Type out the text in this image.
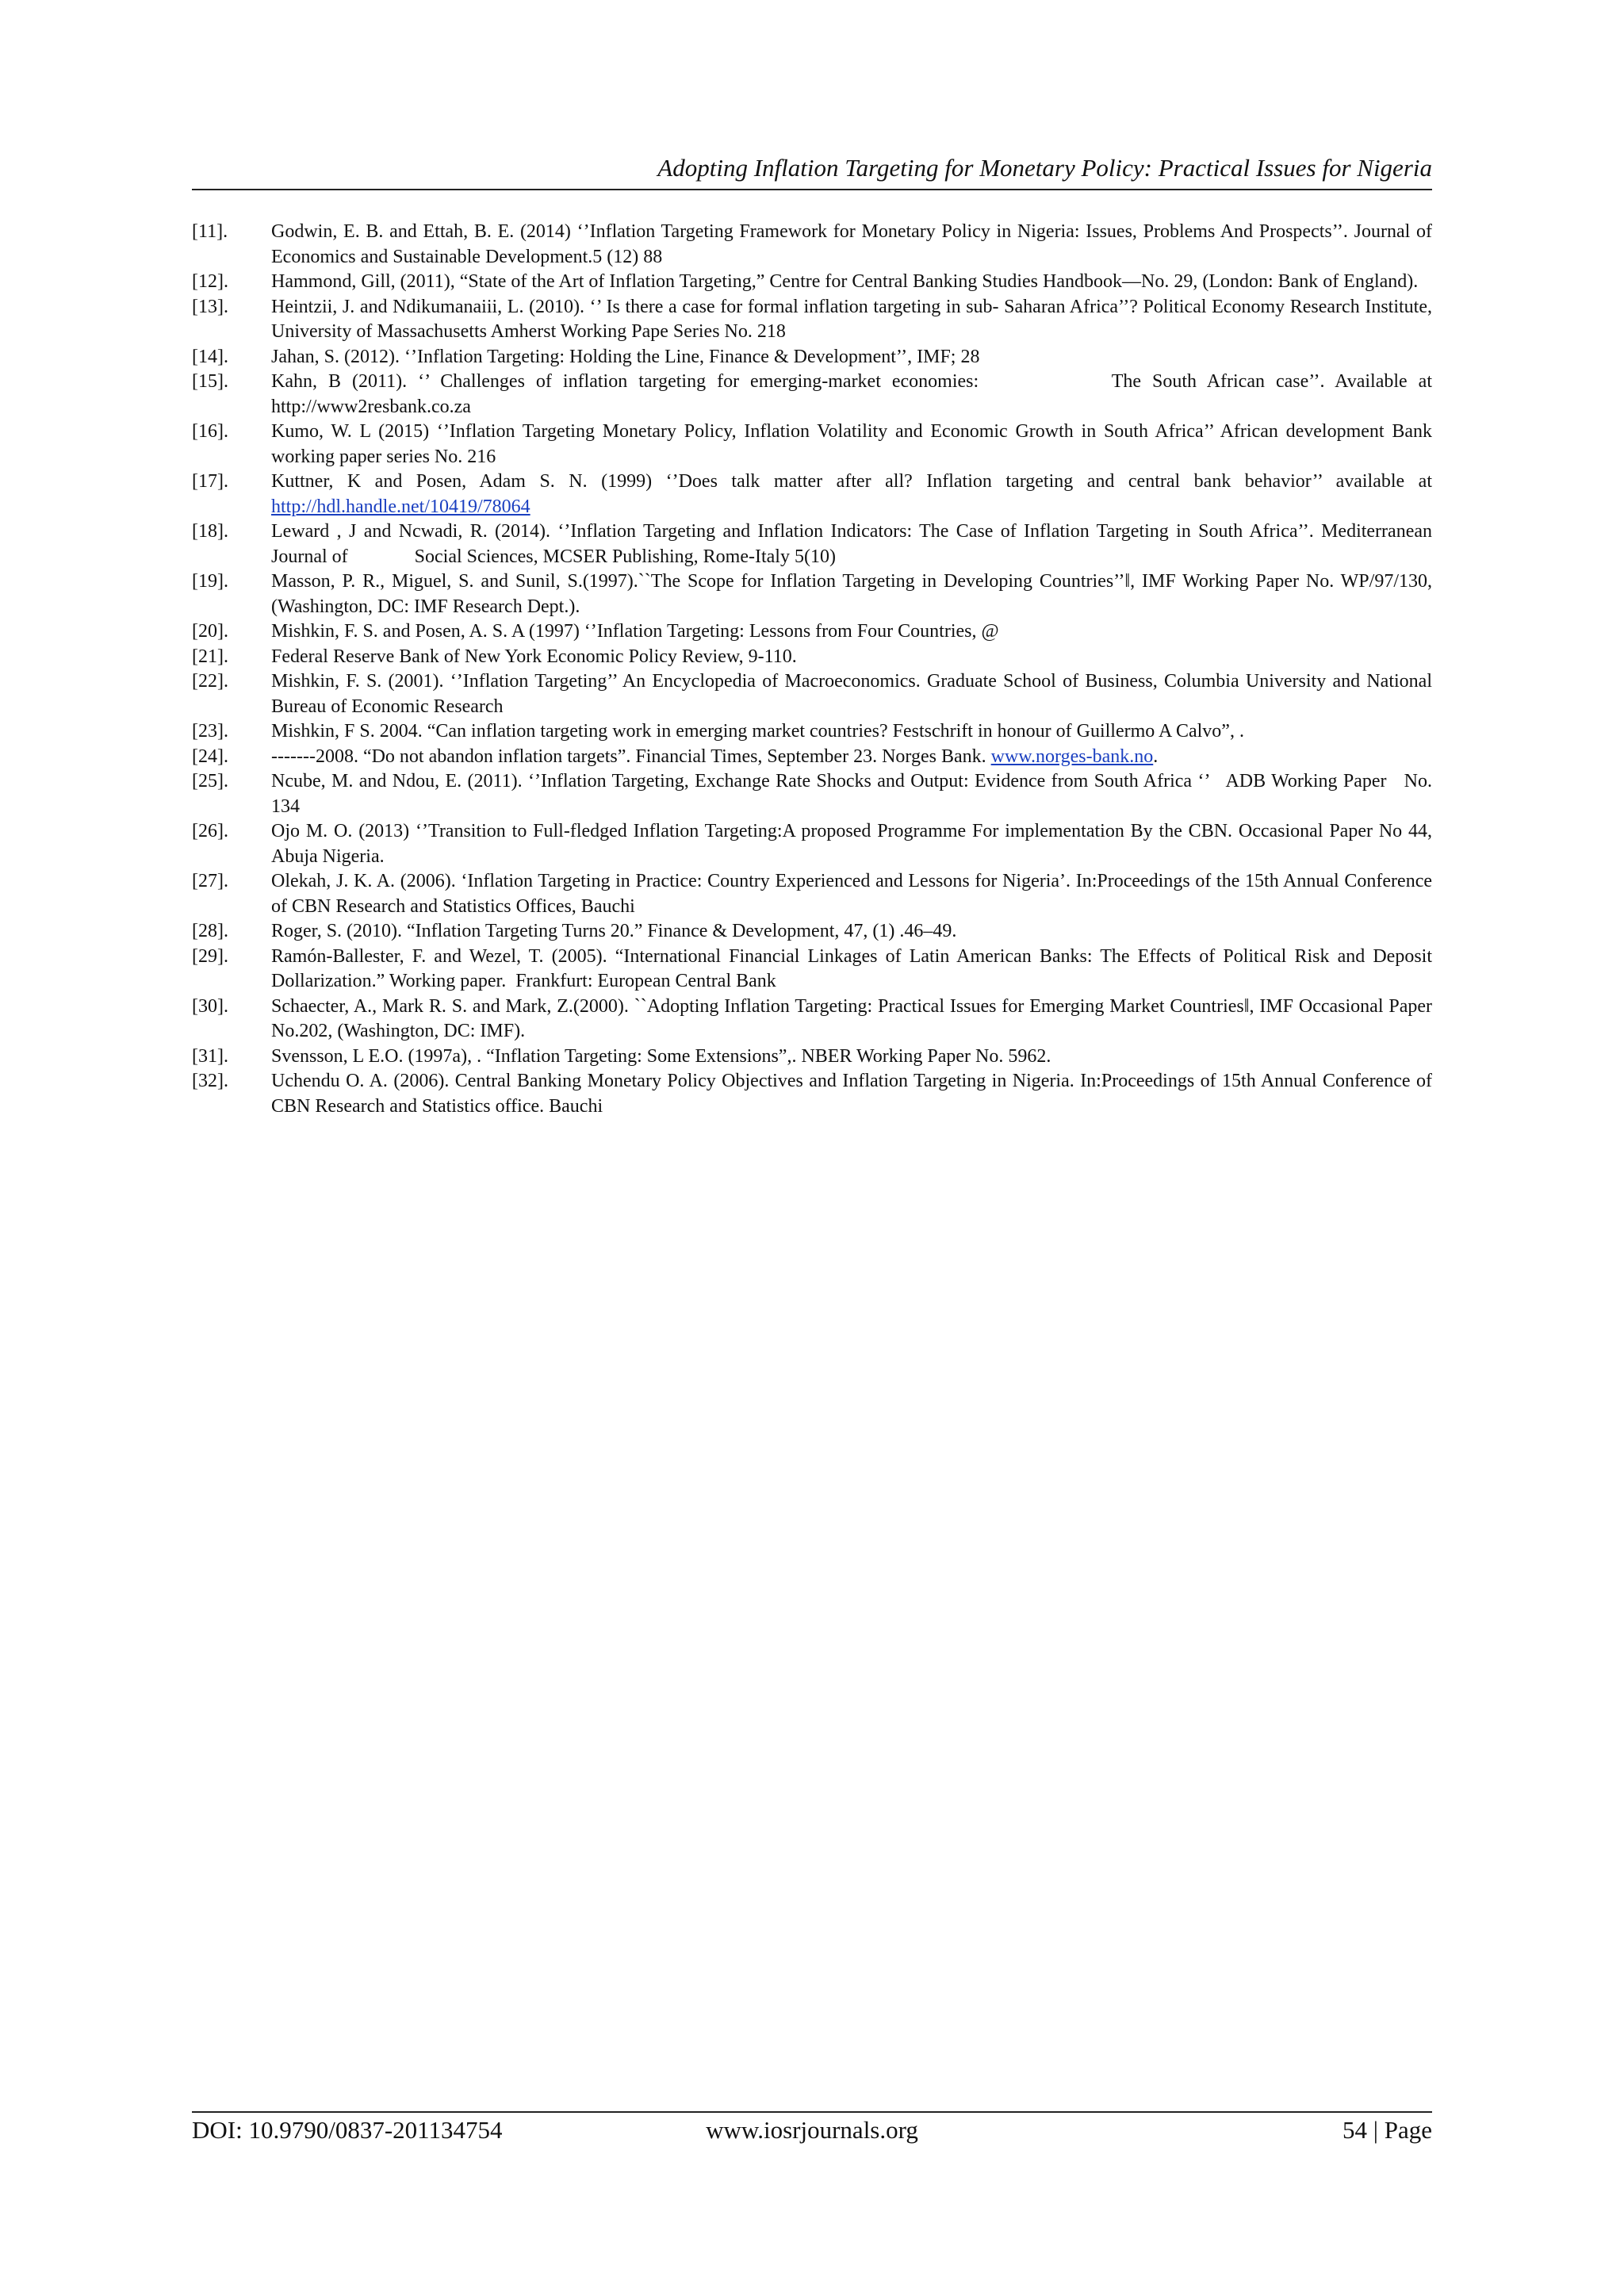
Adopting Inflation Targeting for Monetary Policy: Practical Issues for Nigeria
[11].	Godwin, E. B. and Ettah, B. E. (2014) ‘’Inflation Targeting Framework for Monetary Policy in Nigeria: Issues, Problems And Prospects’’. Journal of Economics and Sustainable Development.5 (12) 88
[12].	Hammond, Gill, (2011), “State of the Art of Inflation Targeting,” Centre for Central Banking Studies Handbook—No. 29, (London: Bank of England).
[13].	Heintzii, J. and Ndikumanaiii, L. (2010). ‘’ Is there a case for formal inflation targeting in sub- Saharan Africa’’? Political Economy Research Institute, University of Massachusetts Amherst Working Pape Series No. 218
[14].	Jahan, S. (2012). ‘’Inflation Targeting: Holding the Line, Finance & Development’’, IMF; 28
[15].	Kahn, B (2011). ‘’ Challenges of inflation targeting for emerging-market economies:            The South African case’’. Available at http://www2resbank.co.za
[16].	Kumo, W. L (2015) ‘’Inflation Targeting Monetary Policy, Inflation Volatility and Economic Growth in South Africa’’ African development Bank working paper series No. 216
[17].	Kuttner, K and Posen, Adam S. N. (1999) ‘’Does talk matter after all? Inflation targeting and central bank behavior’’ available at http://hdl.handle.net/10419/78064
[18].	Leward , J and Ncwadi, R. (2014). ‘’Inflation Targeting and Inflation Indicators: The Case of Inflation Targeting in South Africa’’. Mediterranean Journal of              Social Sciences, MCSER Publishing, Rome-Italy 5(10)
[19].	Masson, P. R., Miguel, S. and Sunil, S.(1997).``The Scope for Inflation Targeting in Developing Countries’’‖, IMF Working Paper No. WP/97/130, (Washington, DC: IMF Research Dept.).
[20].	Mishkin, F. S. and Posen, A. S. A (1997) ‘’Inflation Targeting: Lessons from Four Countries, @
[21].	Federal Reserve Bank of New York Economic Policy Review, 9-110.
[22].	Mishkin, F. S. (2001). ‘’Inflation Targeting’’ An Encyclopedia of Macroeconomics. Graduate School of Business, Columbia University and National Bureau of Economic Research
[23].	Mishkin, F S. 2004. “Can inflation targeting work in emerging market countries? Festschrift in honour of Guillermo A Calvo”, .
[24].	-------2008. “Do not abandon inflation targets”. Financial Times, September 23. Norges Bank. www.norges-bank.no.
[25].	Ncube, M. and Ndou, E. (2011). ‘’Inflation Targeting, Exchange Rate Shocks and Output: Evidence from South Africa ‘’   ADB Working Paper   No. 134
[26].	Ojo M. O. (2013) ‘’Transition to Full-fledged Inflation Targeting:A proposed Programme For implementation By the CBN. Occasional Paper No 44, Abuja Nigeria.
[27].	Olekah, J. K. A. (2006). ‘Inflation Targeting in Practice: Country Experienced and Lessons for Nigeria’. In:Proceedings of the 15th Annual Conference of CBN Research and Statistics Offices, Bauchi
[28].	Roger, S. (2010). “Inflation Targeting Turns 20.” Finance & Development, 47, (1) .46–49.
[29].	Ramón-Ballester, F. and Wezel, T. (2005). “International Financial Linkages of Latin American Banks: The Effects of Political Risk and Deposit Dollarization.” Working paper.  Frankfurt: European Central Bank
[30].	Schaecter, A., Mark R. S. and Mark, Z.(2000). ``Adopting Inflation Targeting: Practical Issues for Emerging Market Countries‖, IMF Occasional Paper No.202, (Washington, DC: IMF).
[31].	Svensson, L E.O. (1997a), . “Inflation Targeting: Some Extensions”,. NBER Working Paper No. 5962.
[32].	Uchendu O. A. (2006). Central Banking Monetary Policy Objectives and Inflation Targeting in Nigeria. In:Proceedings of 15th Annual Conference of CBN Research and Statistics office. Bauchi
DOI: 10.9790/0837-201134754	www.iosrjournals.org	54 | Page
